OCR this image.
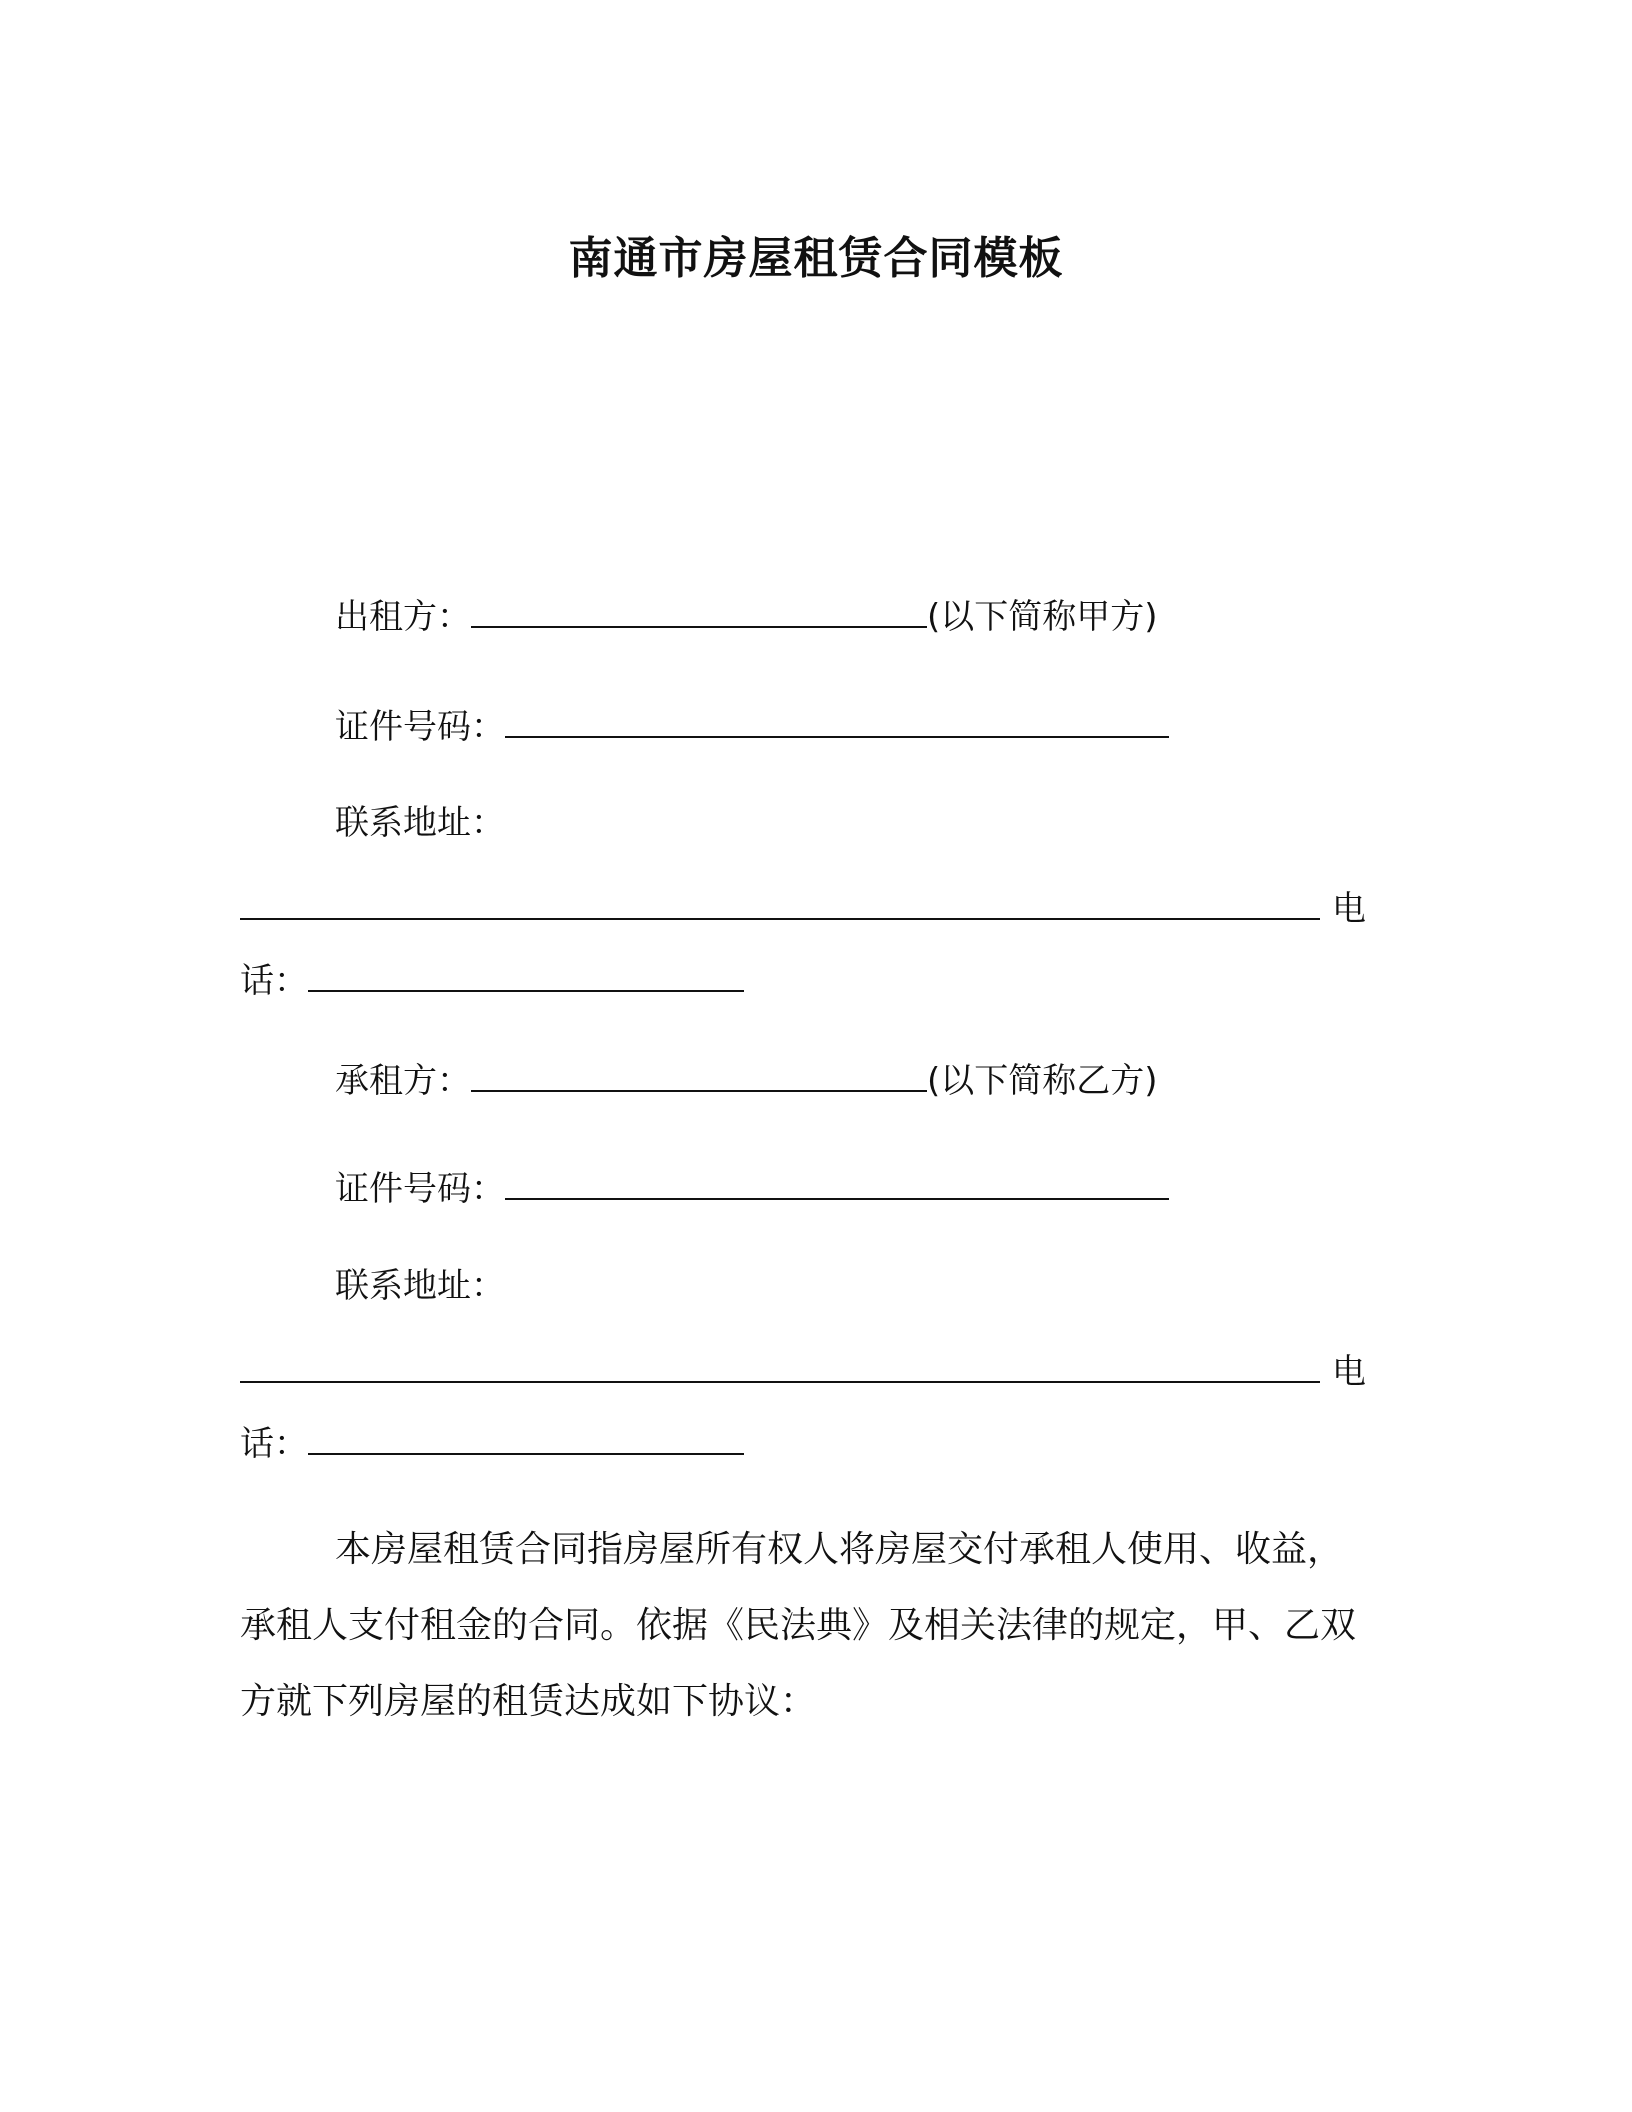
南通市房屋租赁合同模板
出租方：	(以下简称甲方)
证件号码：
联系地址：
电
话：
承租方：	(以下简称乙方)
证件号码：
联系地址：
电
话：

本房屋租赁合同指房屋所有权人将房屋交付承租人使用、收益，承租人支付租金的合同。依据《民法典》及相关法律的规定，甲、乙双方就下列房屋的租赁达成如下协议：
